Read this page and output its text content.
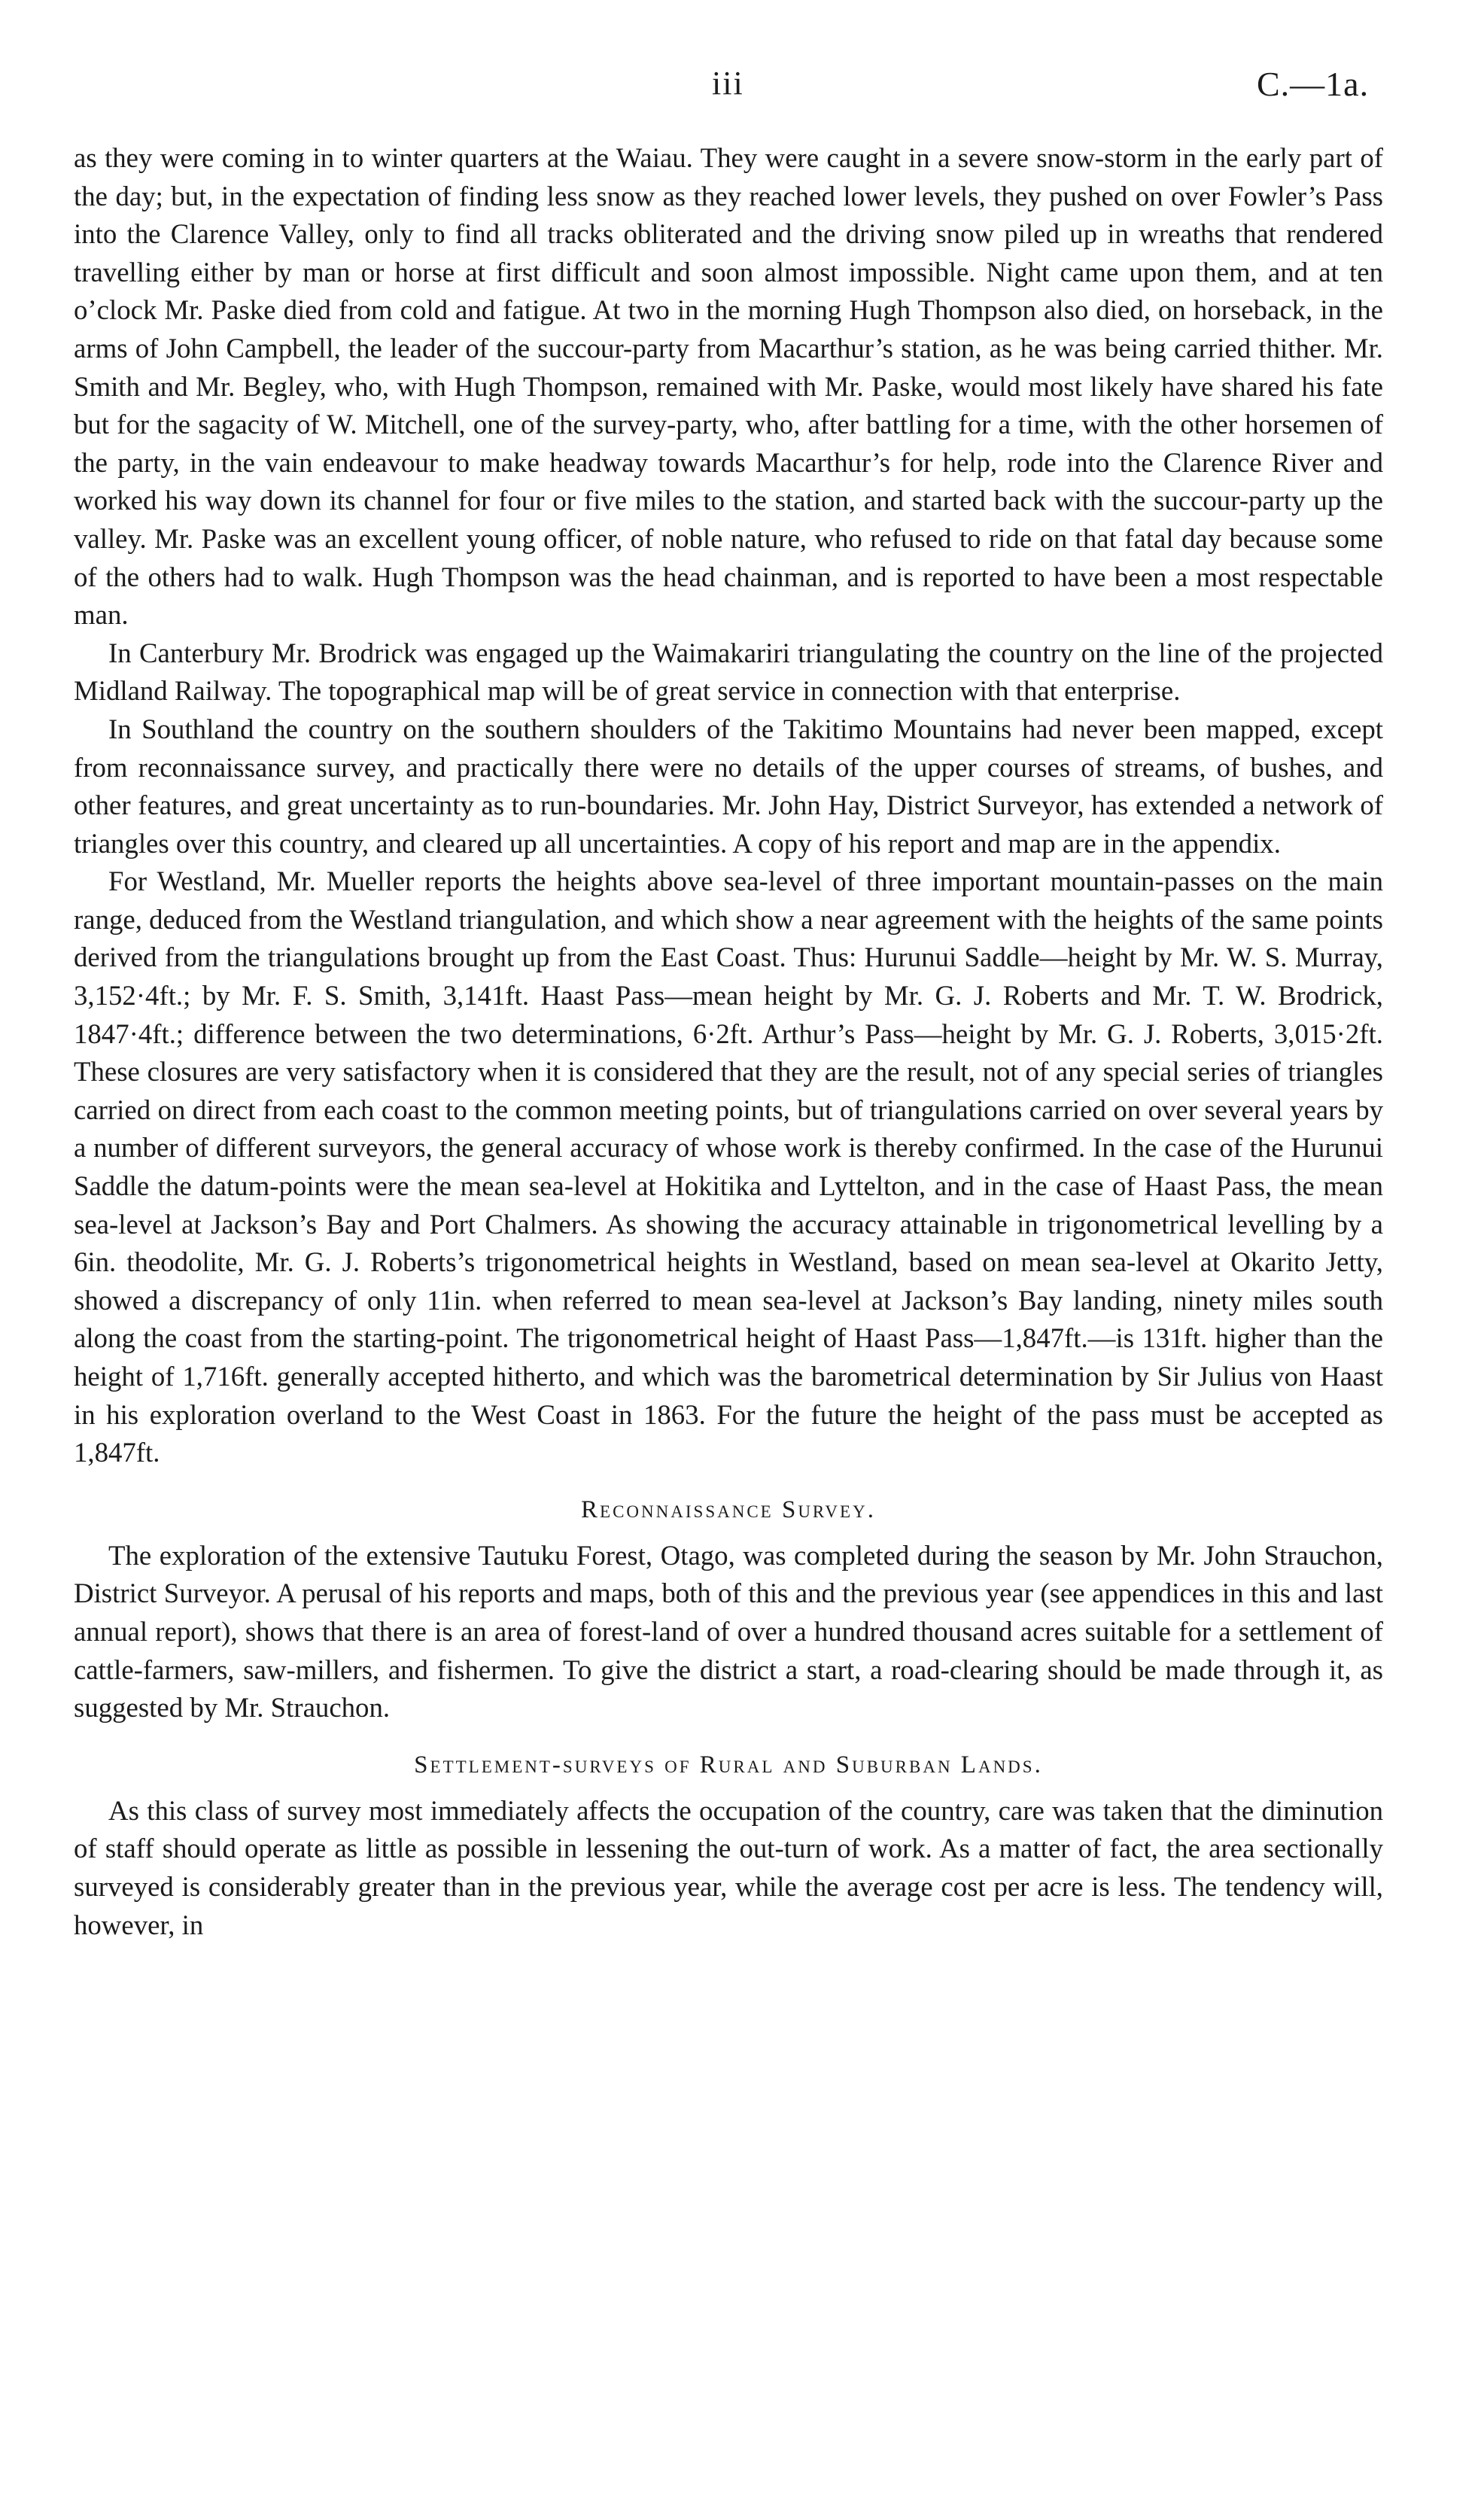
iii	C.—1a.

as they were coming in to winter quarters at the Waiau. They were caught in a severe snow-storm in the early part of the day; but, in the expectation of finding less snow as they reached lower levels, they pushed on over Fowler’s Pass into the Clarence Valley, only to find all tracks obliterated and the driving snow piled up in wreaths that rendered travelling either by man or horse at first difficult and soon almost impossible. Night came upon them, and at ten o’clock Mr. Paske died from cold and fatigue. At two in the morning Hugh Thompson also died, on horseback, in the arms of John Campbell, the leader of the succour-party from Macarthur’s station, as he was being carried thither. Mr. Smith and Mr. Begley, who, with Hugh Thompson, remained with Mr. Paske, would most likely have shared his fate but for the sagacity of W. Mitchell, one of the survey-party, who, after battling for a time, with the other horsemen of the party, in the vain endeavour to make headway towards Macarthur’s for help, rode into the Clarence River and worked his way down its channel for four or five miles to the station, and started back with the succour-party up the valley. Mr. Paske was an excellent young officer, of noble nature, who refused to ride on that fatal day because some of the others had to walk. Hugh Thompson was the head chainman, and is reported to have been a most respectable man.

In Canterbury Mr. Brodrick was engaged up the Waimakariri triangulating the country on the line of the projected Midland Railway. The topographical map will be of great service in connection with that enterprise.

In Southland the country on the southern shoulders of the Takitimo Mountains had never been mapped, except from reconnaissance survey, and practically there were no details of the upper courses of streams, of bushes, and other features, and great uncertainty as to run-boundaries. Mr. John Hay, District Surveyor, has extended a network of triangles over this country, and cleared up all uncertainties. A copy of his report and map are in the appendix.

For Westland, Mr. Mueller reports the heights above sea-level of three important mountain-passes on the main range, deduced from the Westland triangulation, and which show a near agreement with the heights of the same points derived from the triangulations brought up from the East Coast. Thus: Hurunui Saddle—height by Mr. W. S. Murray, 3,152·4ft.; by Mr. F. S. Smith, 3,141ft. Haast Pass—mean height by Mr. G. J. Roberts and Mr. T. W. Brodrick, 1847·4ft.; difference between the two determinations, 6·2ft. Arthur’s Pass—height by Mr. G. J. Roberts, 3,015·2ft. These closures are very satisfactory when it is considered that they are the result, not of any special series of triangles carried on direct from each coast to the common meeting points, but of triangulations carried on over several years by a number of different surveyors, the general accuracy of whose work is thereby confirmed. In the case of the Hurunui Saddle the datum-points were the mean sea-level at Hokitika and Lyttelton, and in the case of Haast Pass, the mean sea-level at Jackson’s Bay and Port Chalmers. As showing the accuracy attainable in trigonometrical levelling by a 6in. theodolite, Mr. G. J. Roberts’s trigonometrical heights in Westland, based on mean sea-level at Okarito Jetty, showed a discrepancy of only 11in. when referred to mean sea-level at Jackson’s Bay landing, ninety miles south along the coast from the starting-point. The trigonometrical height of Haast Pass—1,847ft.—is 131ft. higher than the height of 1,716ft. generally accepted hitherto, and which was the barometrical determination by Sir Julius von Haast in his exploration overland to the West Coast in 1863. For the future the height of the pass must be accepted as 1,847ft.

Reconnaissance Survey.

The exploration of the extensive Tautuku Forest, Otago, was completed during the season by Mr. John Strauchon, District Surveyor. A perusal of his reports and maps, both of this and the previous year (see appendices in this and last annual report), shows that there is an area of forest-land of over a hundred thousand acres suitable for a settlement of cattle-farmers, saw-millers, and fishermen. To give the district a start, a road-clearing should be made through it, as suggested by Mr. Strauchon.

Settlement-surveys of Rural and Suburban Lands.

As this class of survey most immediately affects the occupation of the country, care was taken that the diminution of staff should operate as little as possible in lessening the out-turn of work. As a matter of fact, the area sectionally surveyed is considerably greater than in the previous year, while the average cost per acre is less. The tendency will, however, in
